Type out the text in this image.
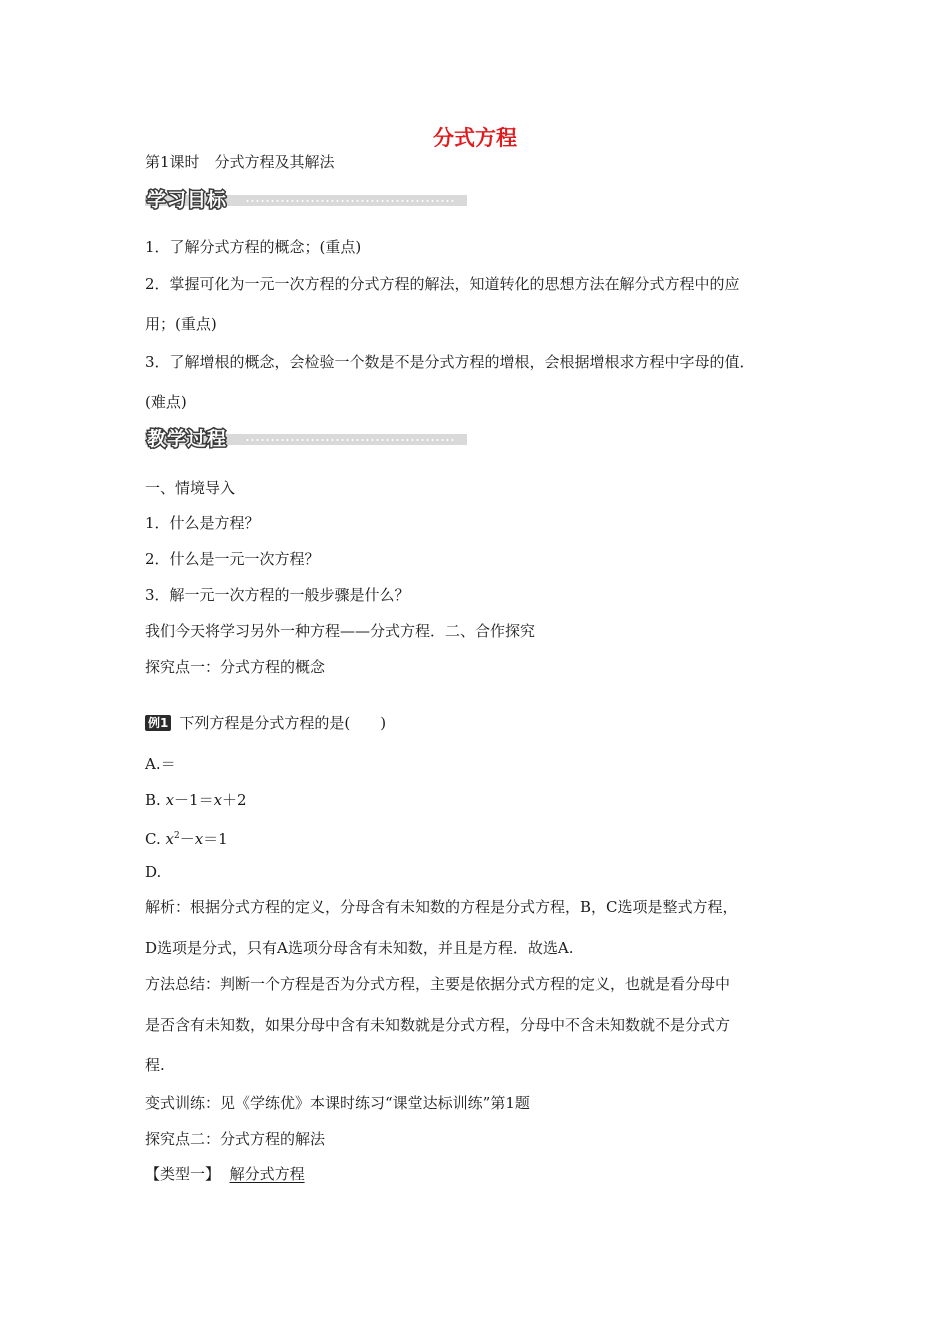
分式方程
第1课时　分式方程及其解法
学习目标
1．了解分式方程的概念；(重点)
2．掌握可化为一元一次方程的分式方程的解法，知道转化的思想方法在解分式方程中的应
用；(重点)
3．了解增根的概念，会检验一个数是不是分式方程的增根，会根据增根求方程中字母的值．
(难点)
教学过程
一、情境导入
1．什么是方程？
2．什么是一元一次方程？
3．解一元一次方程的一般步骤是什么？
我们今天将学习另外一种方程——分式方程．二、合作探究
探究点一：分式方程的概念
例1 下列方程是分式方程的是(　　)
A.＝
B. x－1＝x＋2
C. $x^2-x=1$
D.
解析：根据分式方程的定义，分母含有未知数的方程是分式方程，B，C选项是整式方程，
D选项是分式，只有A选项分母含有未知数，并且是方程．故选A.
方法总结：判断一个方程是否为分式方程，主要是依据分式方程的定义，也就是看分母中
是否含有未知数，如果分母中含有未知数就是分式方程，分母中不含未知数就不是分式方
程.
变式训练：见《学练优》本课时练习“课堂达标训练”第1题
探究点二：分式方程的解法
【类型一】 解分式方程
